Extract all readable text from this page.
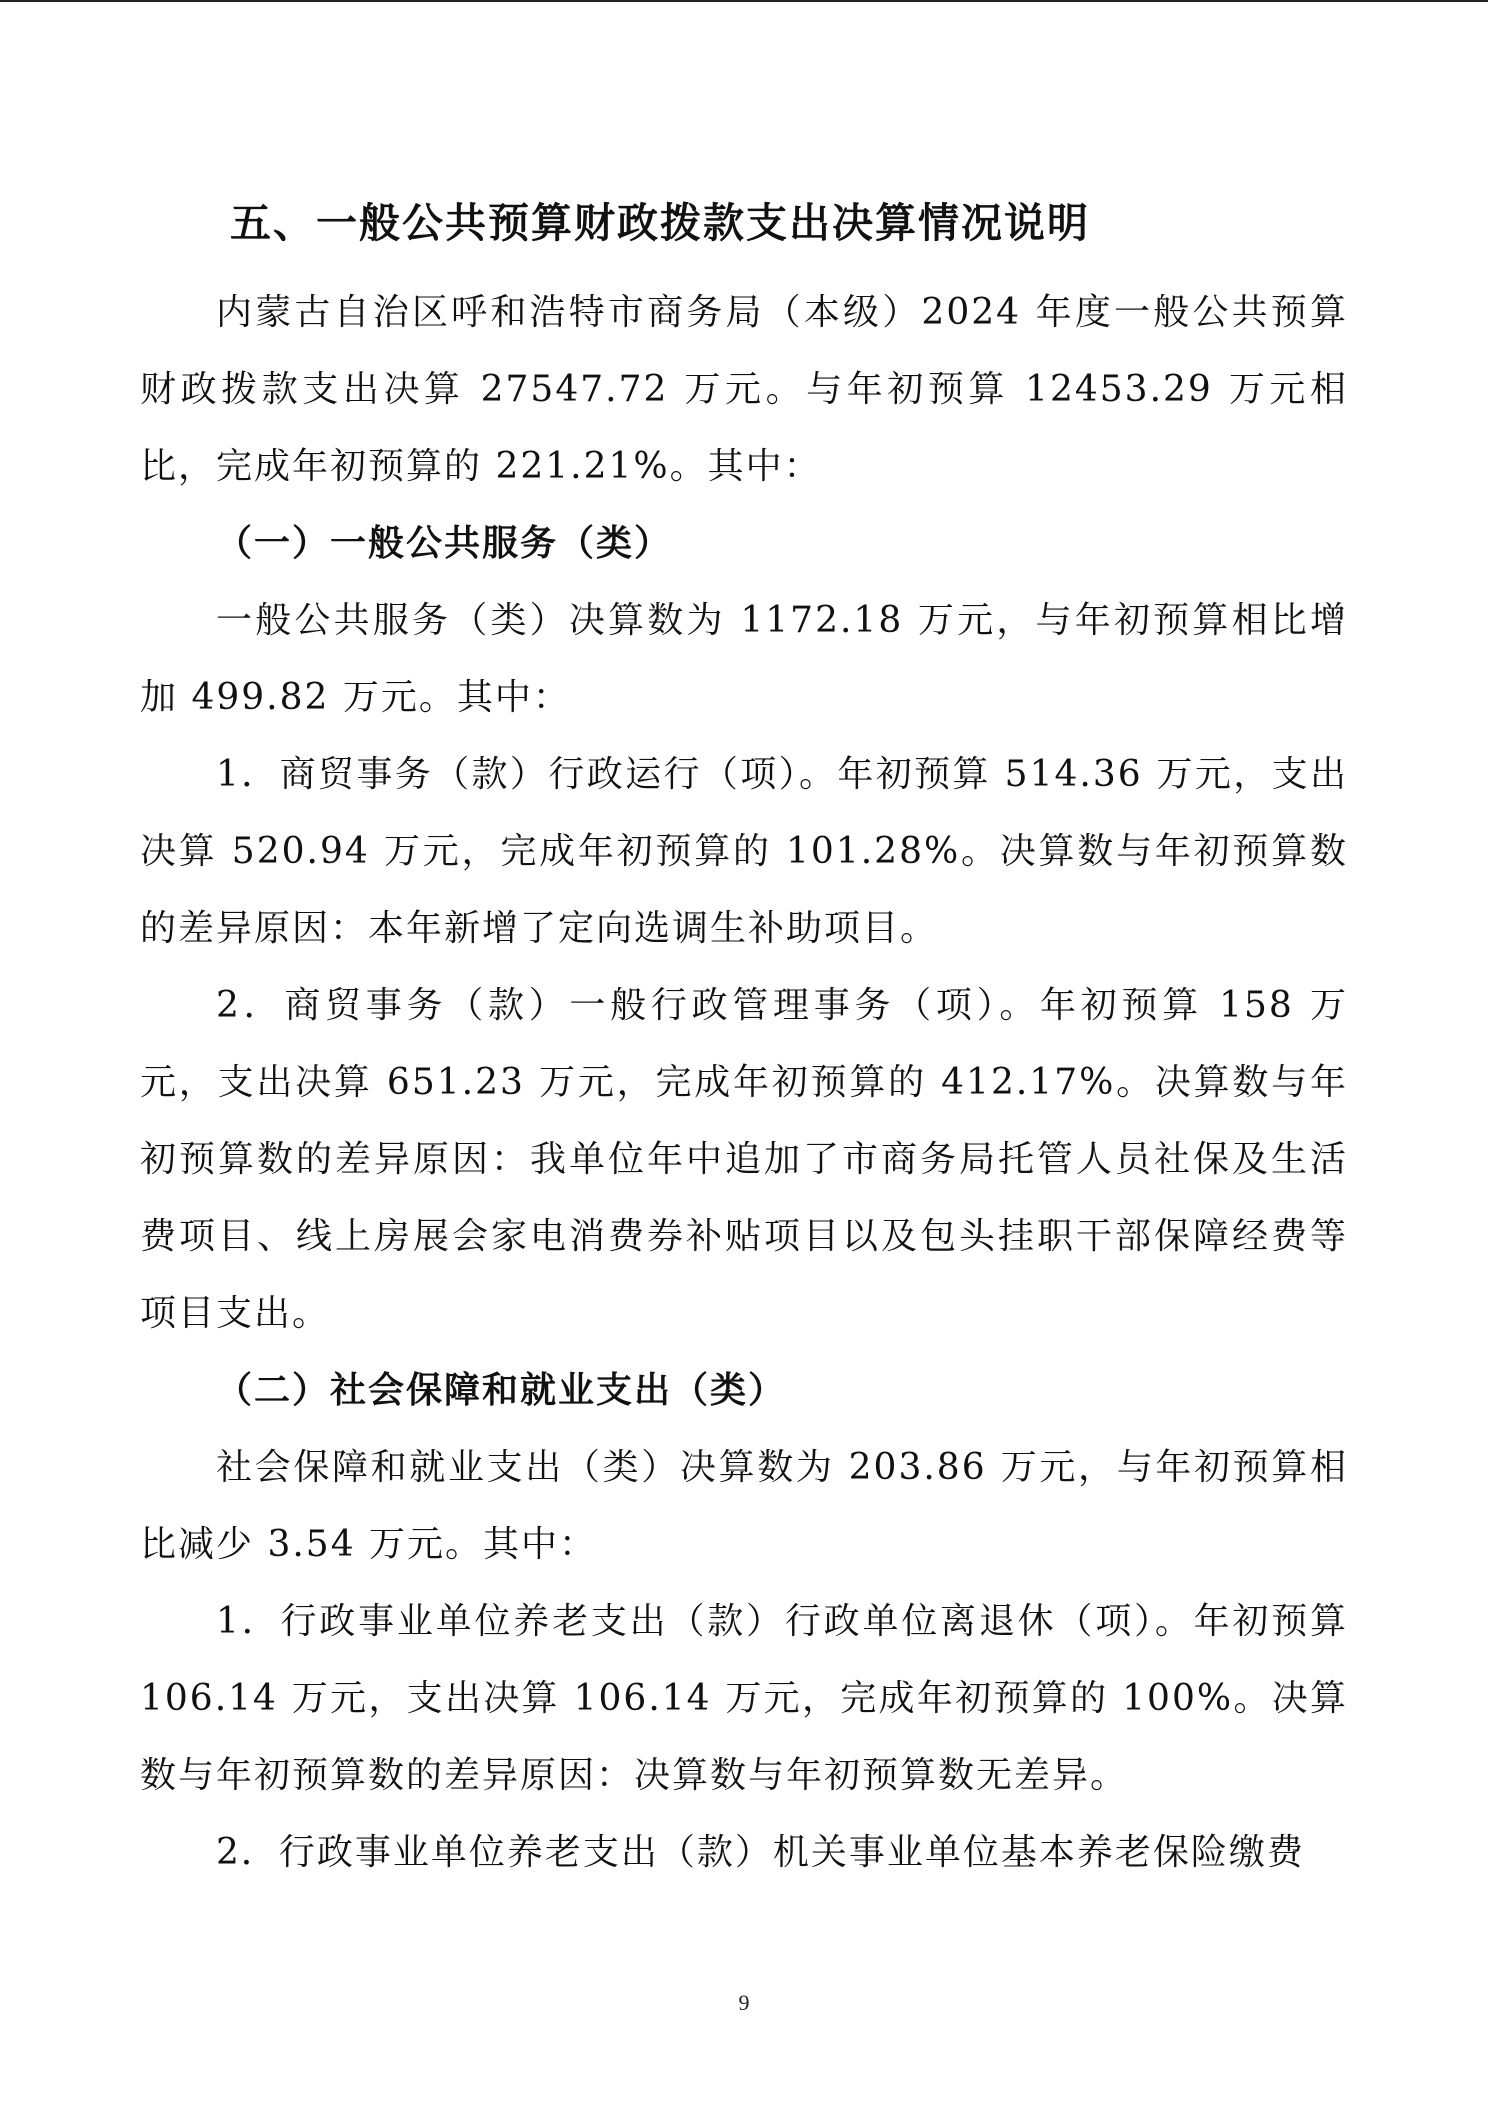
五、一般公共预算财政拨款支出决算情况说明

内蒙古自治区呼和浩特市商务局（本级）2024 年度一般公共预算财政拨款支出决算 27547.72 万元。与年初预算 12453.29 万元相比，完成年初预算的 221.21%。其中：

（一）一般公共服务（类）

一般公共服务（类）决算数为 1172.18 万元，与年初预算相比增加 499.82 万元。其中：

1．商贸事务（款）行政运行（项）。年初预算 514.36 万元，支出决算 520.94 万元，完成年初预算的 101.28%。决算数与年初预算数的差异原因：本年新增了定向选调生补助项目。

2．商贸事务（款）一般行政管理事务（项）。年初预算 158 万元，支出决算 651.23 万元，完成年初预算的 412.17%。决算数与年初预算数的差异原因：我单位年中追加了市商务局托管人员社保及生活费项目、线上房展会家电消费券补贴项目以及包头挂职干部保障经费等项目支出。

（二）社会保障和就业支出（类）

社会保障和就业支出（类）决算数为 203.86 万元，与年初预算相比减少 3.54 万元。其中：

1．行政事业单位养老支出（款）行政单位离退休（项）。年初预算 106.14 万元，支出决算 106.14 万元，完成年初预算的 100%。决算数与年初预算数的差异原因：决算数与年初预算数无差异。

2．行政事业单位养老支出（款）机关事业单位基本养老保险缴费

9
